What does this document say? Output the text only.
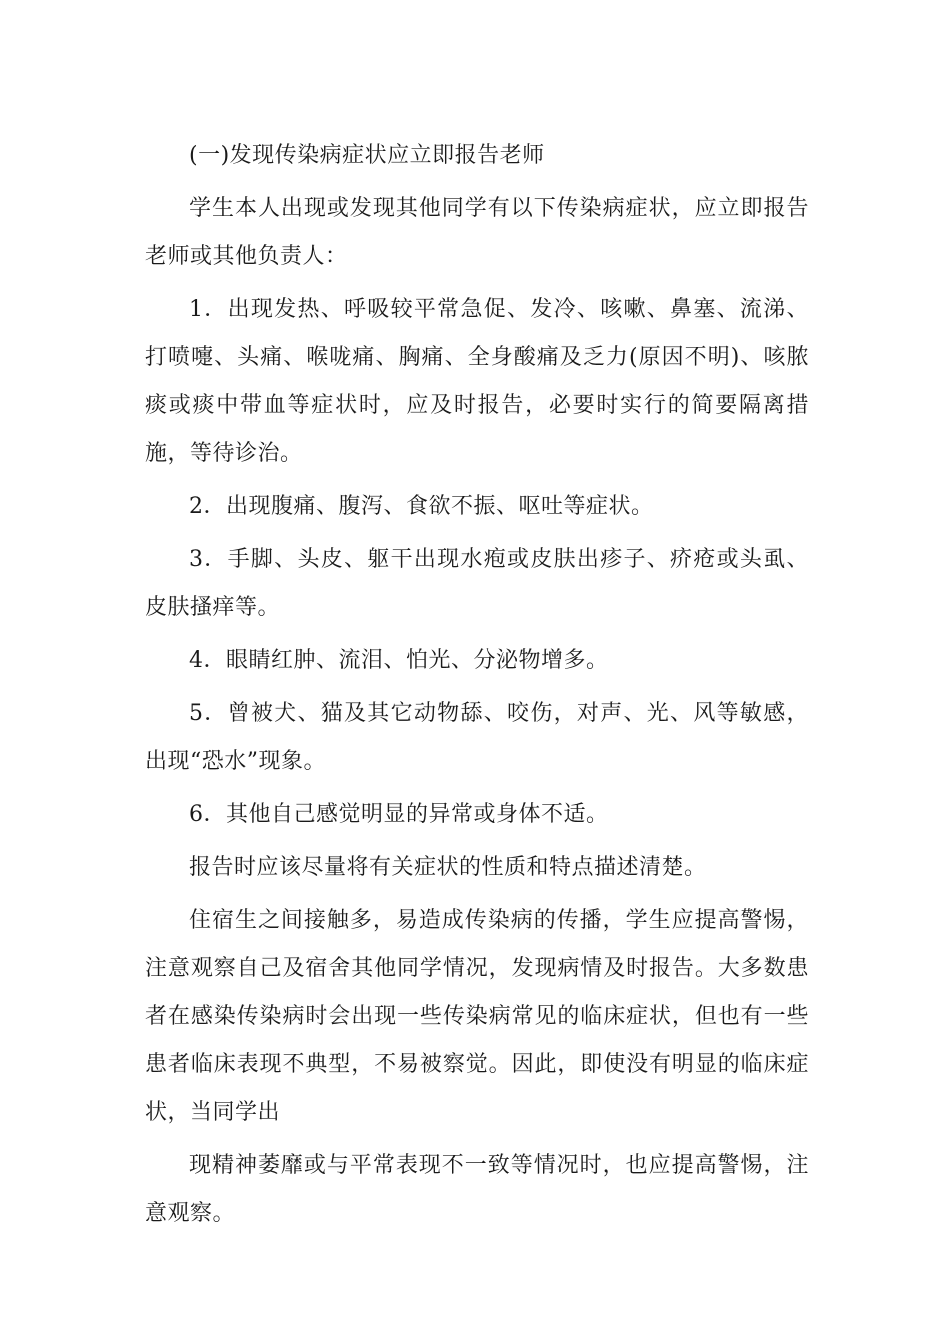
(一)发现传染病症状应立即报告老师

学生本人出现或发现其他同学有以下传染病症状，应立即报告老师或其他负责人：

1．出现发热、呼吸较平常急促、发冷、咳嗽、鼻塞、流涕、打喷嚏、头痛、喉咙痛、胸痛、全身酸痛及乏力(原因不明)、咳脓痰或痰中带血等症状时，应及时报告，必要时实行的简要隔离措施，等待诊治。

2．出现腹痛、腹泻、食欲不振、呕吐等症状。

3．手脚、头皮、躯干出现水疱或皮肤出疹子、疥疮或头虱、皮肤搔痒等。

4．眼睛红肿、流泪、怕光、分泌物增多。

5．曾被犬、猫及其它动物舔、咬伤，对声、光、风等敏感，出现“恐水”现象。

6．其他自己感觉明显的异常或身体不适。

报告时应该尽量将有关症状的性质和特点描述清楚。

住宿生之间接触多，易造成传染病的传播，学生应提高警惕，注意观察自己及宿舍其他同学情况，发现病情及时报告。大多数患者在感染传染病时会出现一些传染病常见的临床症状，但也有一些患者临床表现不典型，不易被察觉。因此，即使没有明显的临床症状，当同学出

现精神萎靡或与平常表现不一致等情况时，也应提高警惕，注意观察。
